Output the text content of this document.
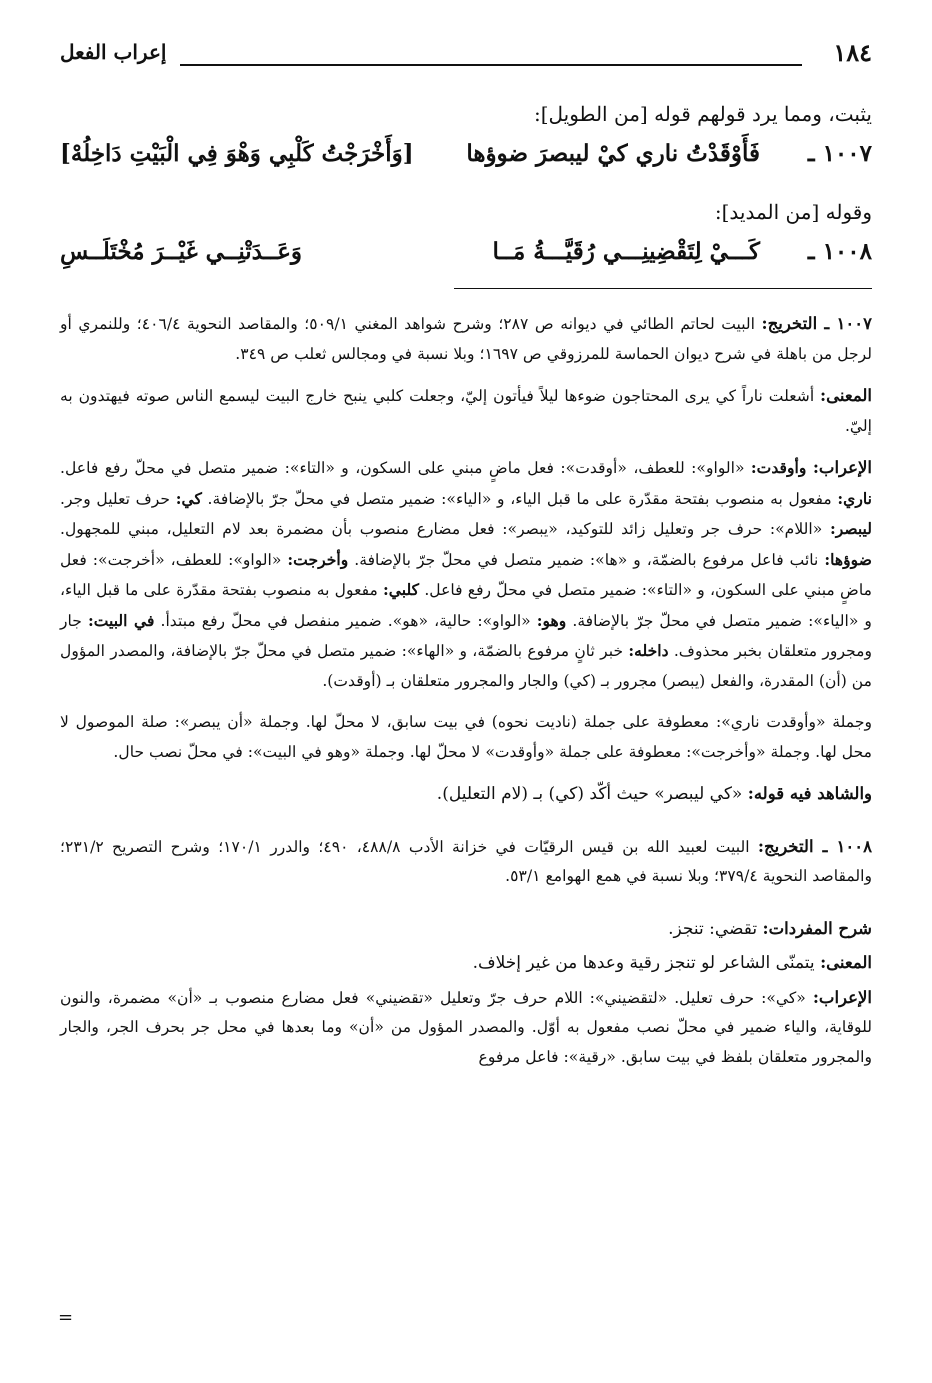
١٨٤
إعراب الفعل
يثبت، ومما يرد قولهم قوله [من الطويل]:
١٠٠٧ ـ
فَأَوْقَدْتُ ناري كيْ ليبصرَ ضوؤها
[وَأَخْرَجْتُ كَلْبِي وَهْوَ فِي الْبَيْتِ دَاخِلُهْ]
وقوله [من المديد]:
١٠٠٨ ـ
كَـــيْ لِتَقْضِينِـــي رُقَيَّـــةُ مَــا
وَعَــدَتْنِــي غَيْــرَ مُخْتَلَــسِ
١٠٠٧ ـ التخريج: البيت لحاتم الطائي في ديوانه ص ٢٨٧؛ وشرح شواهد المغني ٥٠٩/١؛ والمقاصد النحوية ٤٠٦/٤؛ وللنمري أو لرجل من باهلة في شرح ديوان الحماسة للمرزوقي ص ١٦٩٧؛ وبلا نسبة في ومجالس ثعلب ص ٣٤٩.
المعنى: أشعلت ناراً كي يرى المحتاجون ضوءها ليلاً فيأتون إليّ، وجعلت كلبي ينبح خارج البيت ليسمع الناس صوته فيهتدون به إليّ.
الإعراب: وأوقدت: «الواو»: للعطف، «أوقدت»: فعل ماضٍ مبني على السكون، و «التاء»: ضمير متصل في محلّ رفع فاعل. ناري: مفعول به منصوب بفتحة مقدّرة على ما قبل الياء، و «الياء»: ضمير متصل في محلّ جرّ بالإضافة. كي: حرف تعليل وجر. ليبصر: «اللام»: حرف جر وتعليل زائد للتوكيد، «يبصر»: فعل مضارع منصوب بأن مضمرة بعد لام التعليل، مبني للمجهول. ضوؤها: نائب فاعل مرفوع بالضمّة، و «ها»: ضمير متصل في محلّ جرّ بالإضافة. وأخرجت: «الواو»: للعطف، «أخرجت»: فعل ماضٍ مبني على السكون، و «التاء»: ضمير متصل في محلّ رفع فاعل. كلبي: مفعول به منصوب بفتحة مقدّرة على ما قبل الياء، و «الياء»: ضمير متصل في محلّ جرّ بالإضافة. وهو: «الواو»: حالية، «هو». ضمير منفصل في محلّ رفع مبتدأ. في البيت: جار ومجرور متعلقان بخبر محذوف. داخله: خبر ثانٍ مرفوع بالضمّة، و «الهاء»: ضمير متصل في محلّ جرّ بالإضافة، والمصدر المؤول من (أن) المقدرة، والفعل (يبصر) مجرور بـ (كي) والجار والمجرور متعلقان بـ (أوقدت).
وجملة «وأوقدت ناري»: معطوفة على جملة (ناديت نحوه) في بيت سابق، لا محلّ لها. وجملة «أن يبصر»: صلة الموصول لا محل لها. وجملة «وأخرجت»: معطوفة على جملة «وأوقدت» لا محلّ لها. وجملة «وهو في البيت»: في محلّ نصب حال.
والشاهد فيه قوله: «كي ليبصر» حيث أكّد (كي) بـ (لام التعليل).
١٠٠٨ ـ التخريج: البيت لعبيد الله بن قيس الرقيّات في خزانة الأدب ٤٨٨/٨، ٤٩٠؛ والدرر ١٧٠/١؛ وشرح التصريح ٢٣١/٢؛ والمقاصد النحوية ٣٧٩/٤؛ وبلا نسبة في همع الهوامع ٥٣/١.
شرح المفردات: تقضي: تنجز.
المعنى: يتمنّى الشاعر لو تنجز رقية وعدها من غير إخلاف.
الإعراب: «كي»: حرف تعليل. «لتقضيني»: اللام حرف جرّ وتعليل «تقضيني» فعل مضارع منصوب بـ «أن» مضمرة، والنون للوقاية، والياء ضمير في محلّ نصب مفعول به أوّل. والمصدر المؤول من «أن» وما بعدها في محل جر بحرف الجر، والجار والمجرور متعلقان بلفظ في بيت سابق. «رقية»: فاعل مرفوع
=
